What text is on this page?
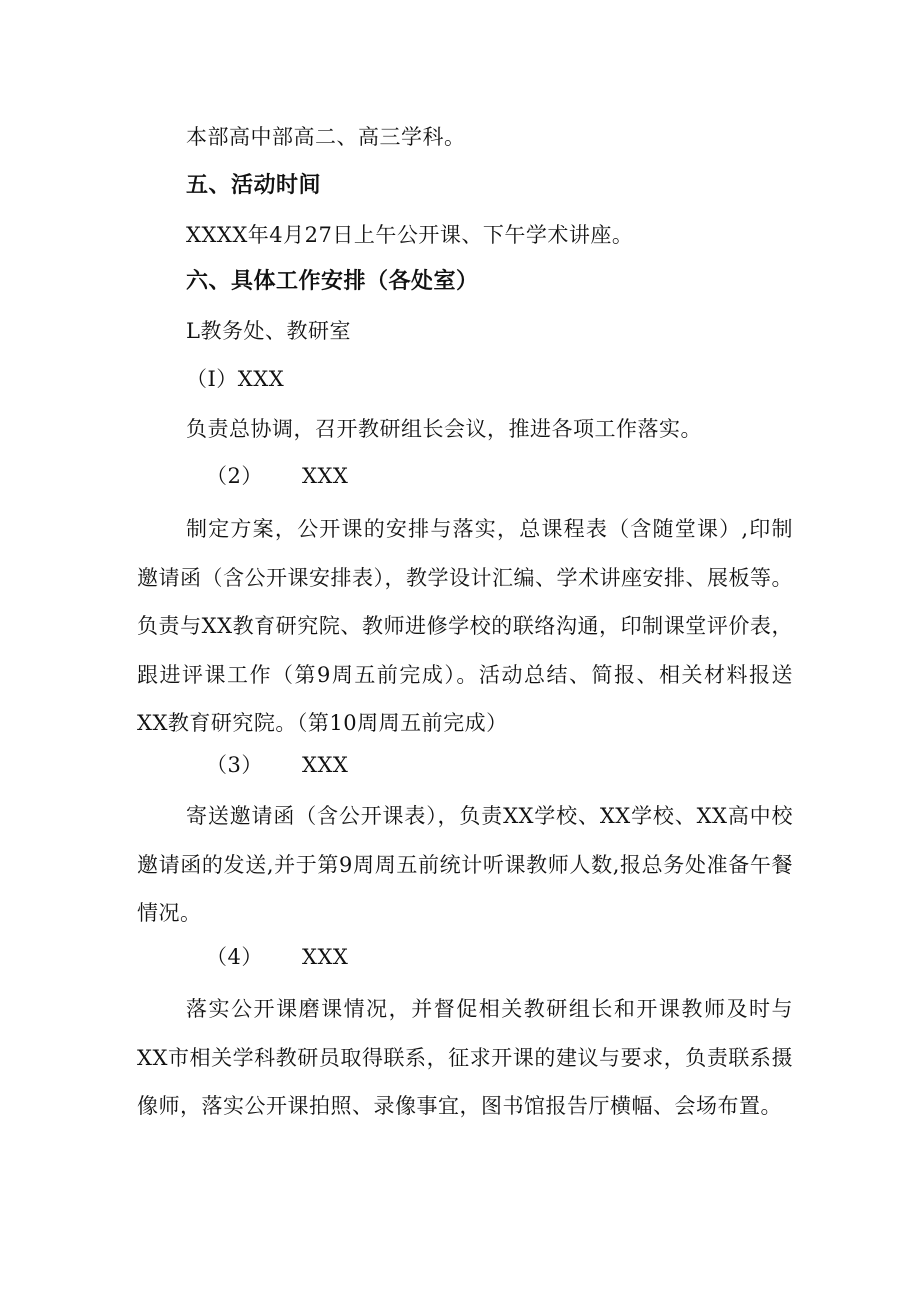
本部高中部高二、高三学科。
五、活动时间
XXXX年4月27日上午公开课、下午学术讲座。
六、具体工作安排（各处室）
L教务处、教研室
（I）XXX
负责总协调，召开教研组长会议，推进各项工作落实。
（2） XXX
制定方案，公开课的安排与落实，总课程表（含随堂课）,印制邀请函（含公开课安排表），教学设计汇编、学术讲座安排、展板等。负责与XX教育研究院、教师进修学校的联络沟通，印制课堂评价表，跟进评课工作（第9周五前完成）。活动总结、简报、相关材料报送XX教育研究院。（第10周周五前完成）
（3） XXX
寄送邀请函（含公开课表），负责XX学校、XX学校、XX高中校邀请函的发送,并于第9周周五前统计听课教师人数,报总务处准备午餐情况。
（4） XXX
落实公开课磨课情况，并督促相关教研组长和开课教师及时与XX市相关学科教研员取得联系，征求开课的建议与要求，负责联系摄像师，落实公开课拍照、录像事宜，图书馆报告厅横幅、会场布置。
